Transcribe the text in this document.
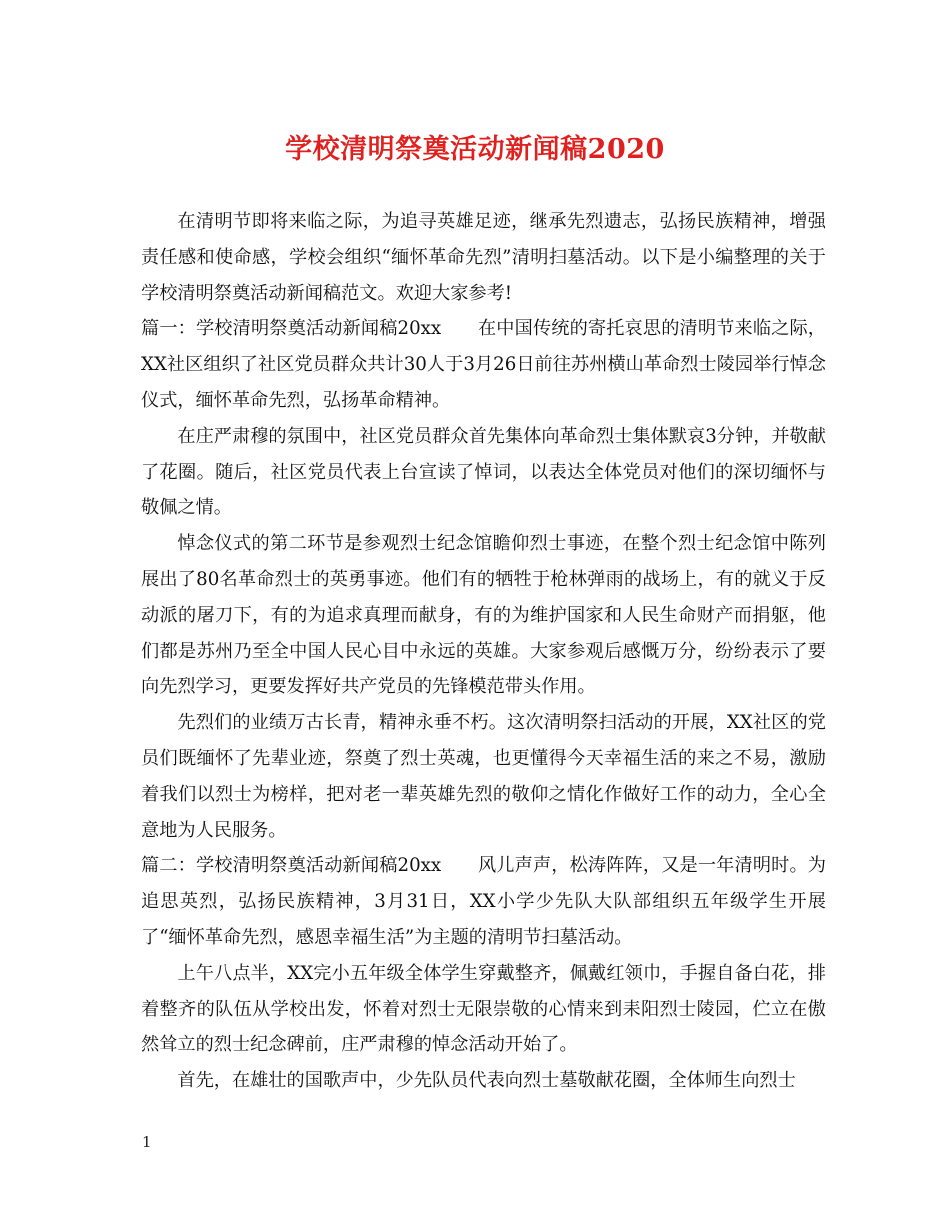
学校清明祭奠活动新闻稿2020

在清明节即将来临之际，为追寻英雄足迹，继承先烈遗志，弘扬民族精神，增强责任感和使命感，学校会组织“缅怀革命先烈”清明扫墓活动。以下是小编整理的关于学校清明祭奠活动新闻稿范文。欢迎大家参考!

篇一：学校清明祭奠活动新闻稿20xx　　在中国传统的寄托哀思的清明节来临之际，XX社区组织了社区党员群众共计30人于3月26日前往苏州横山革命烈士陵园举行悼念仪式，缅怀革命先烈，弘扬革命精神。

在庄严肃穆的氛围中，社区党员群众首先集体向革命烈士集体默哀3分钟，并敬献了花圈。随后，社区党员代表上台宣读了悼词，以表达全体党员对他们的深切缅怀与敬佩之情。

悼念仪式的第二环节是参观烈士纪念馆瞻仰烈士事迹，在整个烈士纪念馆中陈列展出了80名革命烈士的英勇事迹。他们有的牺牲于枪林弹雨的战场上，有的就义于反动派的屠刀下，有的为追求真理而献身，有的为维护国家和人民生命财产而捐躯，他们都是苏州乃至全中国人民心目中永远的英雄。大家参观后感慨万分，纷纷表示了要向先烈学习，更要发挥好共产党员的先锋模范带头作用。

先烈们的业绩万古长青，精神永垂不朽。这次清明祭扫活动的开展，XX社区的党员们既缅怀了先辈业迹，祭奠了烈士英魂，也更懂得今天幸福生活的来之不易，激励着我们以烈士为榜样，把对老一辈英雄先烈的敬仰之情化作做好工作的动力，全心全意地为人民服务。

篇二：学校清明祭奠活动新闻稿20xx　　风儿声声，松涛阵阵，又是一年清明时。为追思英烈，弘扬民族精神，3月31日，XX小学少先队大队部组织五年级学生开展了“缅怀革命先烈，感恩幸福生活”为主题的清明节扫墓活动。

上午八点半，XX完小五年级全体学生穿戴整齐，佩戴红领巾，手握自备白花，排着整齐的队伍从学校出发，怀着对烈士无限崇敬的心情来到耒阳烈士陵园，伫立在傲然耸立的烈士纪念碑前，庄严肃穆的悼念活动开始了。

首先，在雄壮的国歌声中，少先队员代表向烈士墓敬献花圈，全体师生向烈士

1
